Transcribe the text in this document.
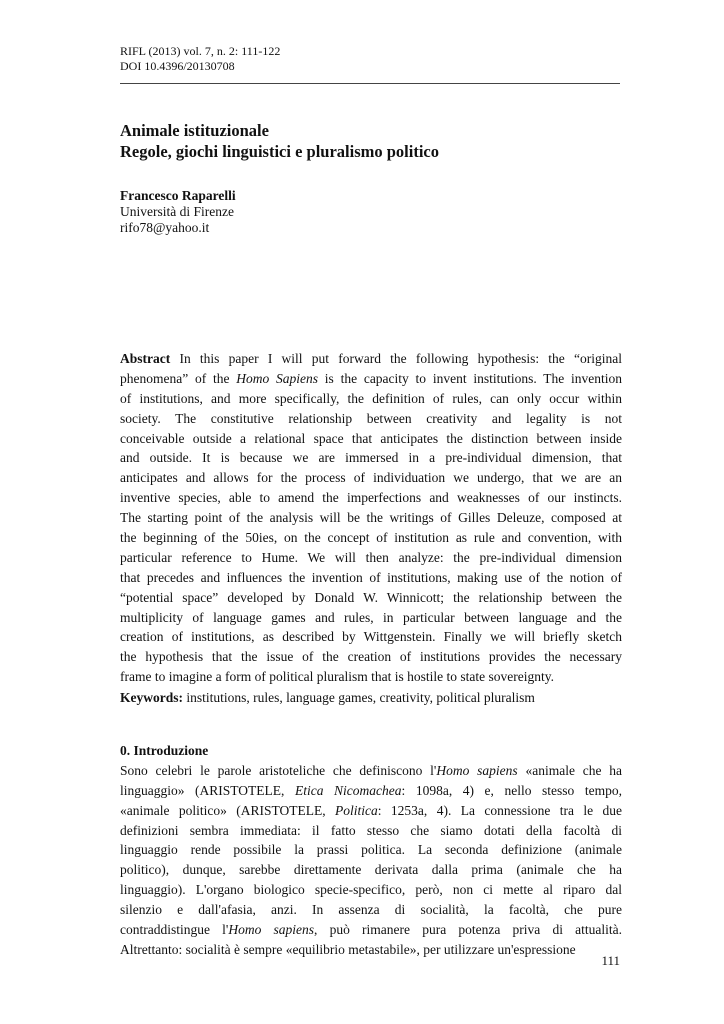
RIFL (2013) vol. 7, n. 2: 111-122
DOI 10.4396/20130708
Animale istituzionale
Regole, giochi linguistici e pluralismo politico
Francesco Raparelli
Università di Firenze
rifo78@yahoo.it
Abstract In this paper I will put forward the following hypothesis: the “original
phenomena” of the Homo Sapiens is the capacity to invent institutions. The invention
of institutions, and more specifically, the definition of rules, can only occur within
society. The constitutive relationship between creativity and legality is not
conceivable outside a relational space that anticipates the distinction between inside
and outside. It is because we are immersed in a pre-individual dimension, that
anticipates and allows for the process of individuation we undergo, that we are an
inventive species, able to amend the imperfections and weaknesses of our instincts.
The starting point of the analysis will be the writings of Gilles Deleuze, composed at
the beginning of the 50ies, on the concept of institution as rule and convention, with
particular reference to Hume. We will then analyze: the pre-individual dimension
that precedes and influences the invention of institutions, making use of the notion of
“potential space” developed by Donald W. Winnicott; the relationship between the
multiplicity of language games and rules, in particular between language and the
creation of institutions, as described by Wittgenstein. Finally we will briefly sketch
the hypothesis that the issue of the creation of institutions provides the necessary
frame to imagine a form of political pluralism that is hostile to state sovereignty.
Keywords: institutions, rules, language games, creativity, political pluralism
0. Introduzione
Sono celebri le parole aristoteliche che definiscono l'Homo sapiens «animale che ha
linguaggio» (ARISTOTELE, Etica Nicomachea: 1098a, 4) e, nello stesso tempo,
«animale politico» (ARISTOTELE, Politica: 1253a, 4). La connessione tra le due
definizioni sembra immediata: il fatto stesso che siamo dotati della facoltà di
linguaggio rende possibile la prassi politica. La seconda definizione (animale
politico), dunque, sarebbe direttamente derivata dalla prima (animale che ha
linguaggio). L'organo biologico specie-specifico, però, non ci mette al riparo dal
silenzio e dall'afasia, anzi. In assenza di socialità, la facoltà, che pure
contraddistingue l'Homo sapiens, può rimanere pura potenza priva di attualità.
Altrettanto: socialità è sempre «equilibrio metastabile», per utilizzare un'espressione
111
